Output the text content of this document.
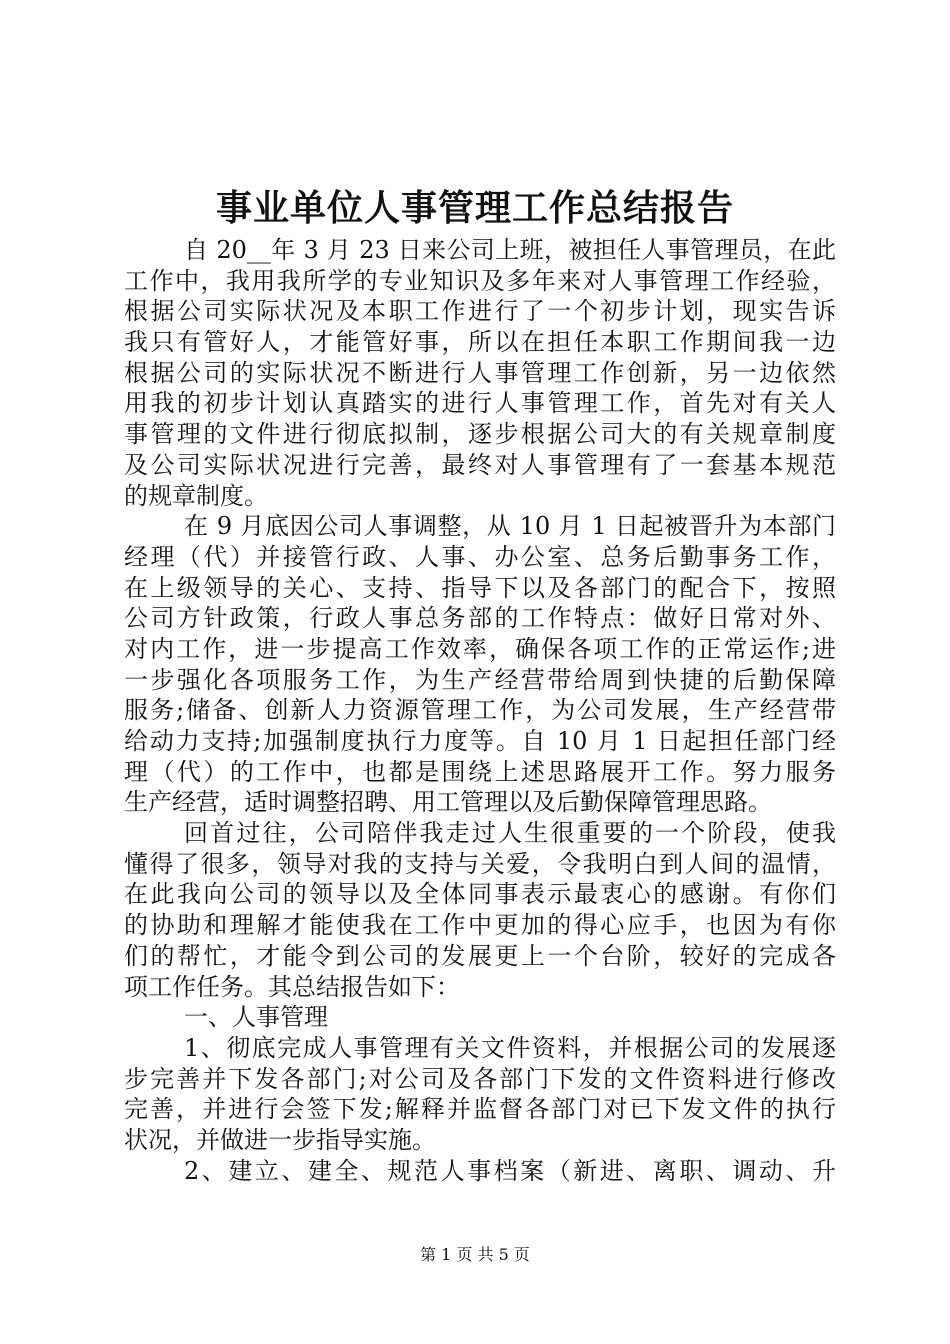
事业单位人事管理工作总结报告
自 20__年 3 月 23 日来公司上班，被担任人事管理员，在此
工作中，我用我所学的专业知识及多年来对人事管理工作经验，
根据公司实际状况及本职工作进行了一个初步计划，现实告诉
我只有管好人，才能管好事，所以在担任本职工作期间我一边
根据公司的实际状况不断进行人事管理工作创新，另一边依然
用我的初步计划认真踏实的进行人事管理工作，首先对有关人
事管理的文件进行彻底拟制，逐步根据公司大的有关规章制度
及公司实际状况进行完善，最终对人事管理有了一套基本规范
的规章制度。
在 9 月底因公司人事调整，从 10 月 1 日起被晋升为本部门
经理（代）并接管行政、人事、办公室、总务后勤事务工作，
在上级领导的关心、支持、指导下以及各部门的配合下，按照
公司方针政策，行政人事总务部的工作特点：做好日常对外、
对内工作，进一步提高工作效率，确保各项工作的正常运作;进
一步强化各项服务工作，为生产经营带给周到快捷的后勤保障
服务;储备、创新人力资源管理工作，为公司发展，生产经营带
给动力支持;加强制度执行力度等。自 10 月 1 日起担任部门经
理（代）的工作中，也都是围绕上述思路展开工作。努力服务
生产经营，适时调整招聘、用工管理以及后勤保障管理思路。
回首过往，公司陪伴我走过人生很重要的一个阶段，使我
懂得了很多，领导对我的支持与关爱，令我明白到人间的温情，
在此我向公司的领导以及全体同事表示最衷心的感谢。有你们
的协助和理解才能使我在工作中更加的得心应手，也因为有你
们的帮忙，才能令到公司的发展更上一个台阶，较好的完成各
项工作任务。其总结报告如下：
一、人事管理
1、彻底完成人事管理有关文件资料，并根据公司的发展逐
步完善并下发各部门;对公司及各部门下发的文件资料进行修改
完善，并进行会签下发;解释并监督各部门对已下发文件的执行
状况，并做进一步指导实施。
2、建立、建全、规范人事档案（新进、离职、调动、升
第 1 页 共 5 页
